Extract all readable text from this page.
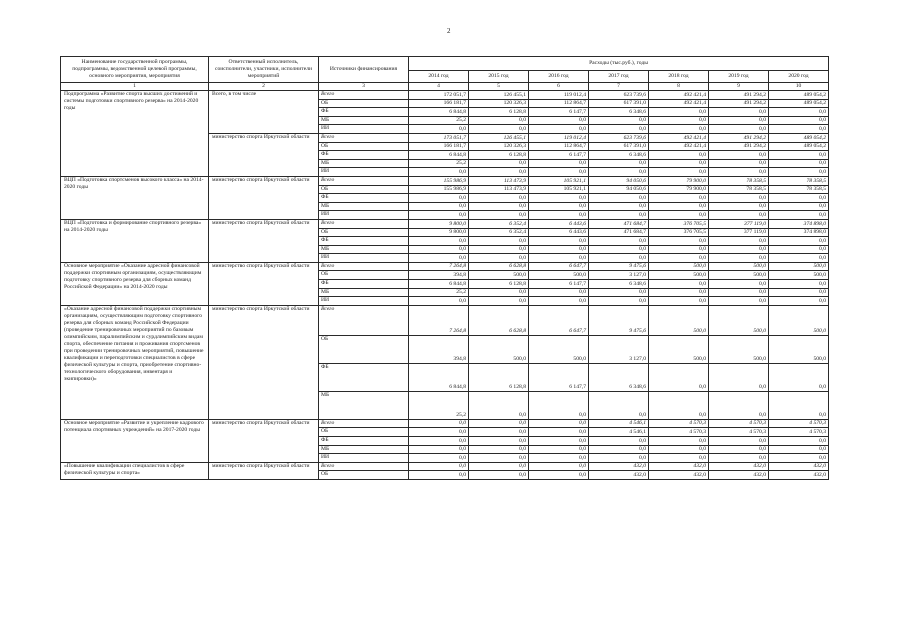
2
Наименование государственной программы, подпрограммы, ведомственной целевой программы, основного мероприятия, мероприятия	Ответственный исполнитель, соисполнители, участники, исполнители мероприятий	Источники финансирования	Расходы (тыс.руб.), годы						
			2014 год	2015 год	2016 год	2017 год	2018 год	2019 год	2020 год
1	2	3	4	5	6	7	8	9	10
Подпрограмма «Развитие спорта высших достижений и системы подготовки спортивного резерва» на 2014-2020 годы	Всего, в том числе	Всего	172 051,7	126 455,1	119 012,4	623 739,6	492 421,4	491 294,2	489 054,2
		ОБ	166 181,7	120 326,3	112 864,7	617 391,0	492 421,4	491 294,2	489 054,2
		ФБ	6 844,8	6 128,8	6 147,7	6 348,6	0,0	0,0	0,0
		МБ	25,2	0,0	0,0	0,0	0,0	0,0	0,0
		ИИ	0,0	0,0	0,0	0,0	0,0	0,0	0,0
	министерство спорта Иркутской области	Всего	173 051,7	126 455,1	119 012,4	623 739,6	492 421,4	491 294,2	489 054,2
		ОБ	166 181,7	120 326,3	112 864,7	617 391,0	492 421,4	491 294,2	489 054,2
		ФБ	6 844,8	6 128,8	6 147,7	6 348,6	0,0	0,0	0,0
		МБ	25,2	0,0	0,0	0,0	0,0	0,0	0,0
		ИИ	0,0	0,0	0,0	0,0	0,0	0,0	0,0
ВЦП «Подготовка спортсменов высокого класса» на 2014-2020 годы	министерство спорта Иркутской области	Всего	155 986,9	113 473,9	105 921,1	94 050,6	79 900,0	78 358,5	78 358,5
		ОБ	155 986,9	113 473,9	105 921,1	94 050,6	79 900,0	78 358,5	78 358,5
		ФБ	0,0	0,0	0,0	0,0	0,0	0,0	0,0
		МБ	0,0	0,0	0,0	0,0	0,0	0,0	0,0
		ИИ	0,0	0,0	0,0	0,0	0,0	0,0	0,0
ВЦП «Подготовка и формирование спортивного резерва» на 2014-2020 годы	министерство спорта Иркутской области	Всего	9 800,0	6 352,4	6 443,6	471 684,7	376 705,5	377 119,0	374 898,0
		ОБ	9 800,0	6 352,4	6 443,6	471 684,7	376 705,5	377 119,0	374 898,0
		ФБ	0,0	0,0	0,0	0,0	0,0	0,0	0,0
		МБ	0,0	0,0	0,0	0,0	0,0	0,0	0,0
		ИИ	0,0	0,0	0,0	0,0	0,0	0,0	0,0
Основное мероприятие «Оказание адресной финансовой поддержки спортивным организациям, осуществляющим подготовку спортивного резерва для сборных команд Российской Федерации» на 2014-2020 годы	министерство спорта Иркутской области	Всего	7 264,8	6 628,8	6 647,7	9 475,6	500,0	500,0	500,0
		ОБ	394,8	500,0	500,0	3 127,0	500,0	500,0	500,0
		ФБ	6 844,8	6 128,8	6 147,7	6 348,6	0,0	0,0	0,0
		МБ	25,2	0,0	0,0	0,0	0,0	0,0	0,0
		ИИ	0,0	0,0	0,0	0,0	0,0	0,0	0,0
«Оказание адресной финансовой поддержки спортивным организациям, осуществляющим подготовку спортивного резерва для сборных команд Российской Федерации (проведение тренировочных мероприятий по базовым олимпийским, паралимпийским и сурдлимпийским видам спорта, обеспечение питания и проживания спортсменов при проведении тренировочных мероприятий, повышение квалификации и переподготовки специалистов в сфере физической культуры и спорта, приобретение спортивно-технологического оборудования, инвентаря и экипировки)»	министерство спорта Иркутской области	Всего	7 264,8	6 628,8	6 647,7	9 475,6	500,0	500,0	500,0
		ОБ	394,8	500,0	500,0	3 127,0	500,0	500,0	500,0
		ФБ	6 844,8	6 128,8	6 147,7	6 348,6	0,0	0,0	0,0
		МБ	25,2	0,0	0,0	0,0	0,0	0,0	0,0
Основное мероприятие «Развитие и укрепление кадрового потенциала спортивных учреждений» на 2017-2020 годы	министерство спорта Иркутской области	Всего	0,0	0,0	0,0	4 546,1	4 570,3	4 570,3	4 570,3
		ОБ	0,0	0,0	0,0	4 546,1	4 570,3	4 570,3	4 570,3
		ФБ	0,0	0,0	0,0	0,0	0,0	0,0	0,0
		МБ	0,0	0,0	0,0	0,0	0,0	0,0	0,0
		ИИ	0,0	0,0	0,0	0,0	0,0	0,0	0,0
«Повышение квалификации специалистов в сфере физической культуры и спорта»	министерство спорта Иркутской области	Всего	0,0	0,0	0,0	432,0	432,0	432,0	432,0
		ОБ	0,0	0,0	0,0	432,0	432,0	432,0	432,0
